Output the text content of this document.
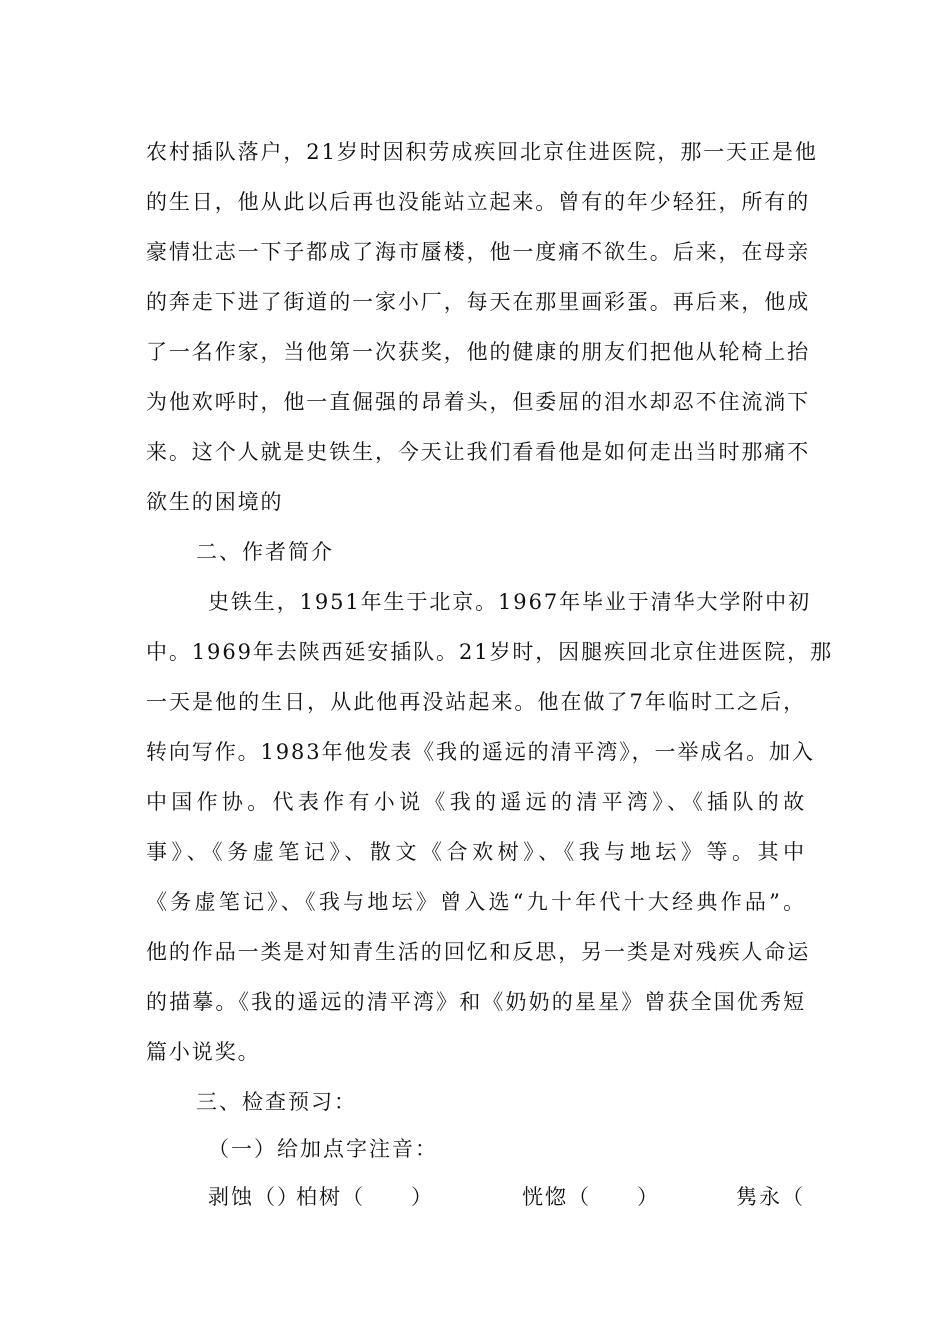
农村插队落户，21岁时因积劳成疾回北京住进医院，那一天正是他
的生日，他从此以后再也没能站立起来。曾有的年少轻狂，所有的
豪情壮志一下子都成了海市蜃楼，他一度痛不欲生。后来，在母亲
的奔走下进了街道的一家小厂，每天在那里画彩蛋。再后来，他成
了一名作家，当他第一次获奖，他的健康的朋友们把他从轮椅上抬
为他欢呼时，他一直倔强的昂着头，但委屈的泪水却忍不住流淌下
来。这个人就是史铁生，今天让我们看看他是如何走出当时那痛不
欲生的困境的
二、作者简介
史铁生，1951年生于北京。1967年毕业于清华大学附中初
中。1969年去陕西延安插队。21岁时，因腿疾回北京住进医院，那
一天是他的生日，从此他再没站起来。他在做了7年临时工之后，
转向写作。1983年他发表《我的遥远的清平湾》，一举成名。加入
中国作协。代表作有小说《我的遥远的清平湾》、《插队的故
事》、《务虚笔记》、散文《合欢树》、《我与地坛》等。其中
《务虚笔记》、《我与地坛》曾入选“九十年代十大经典作品”。
他的作品一类是对知青生活的回忆和反思，另一类是对残疾人命运
的描摹。《我的遥远的清平湾》和《奶奶的星星》曾获全国优秀短
篇小说奖。
三、检查预习：
（一）给加点字注音：
剥蚀（）
柏树（　　）	恍惚（　　）	隽永（
